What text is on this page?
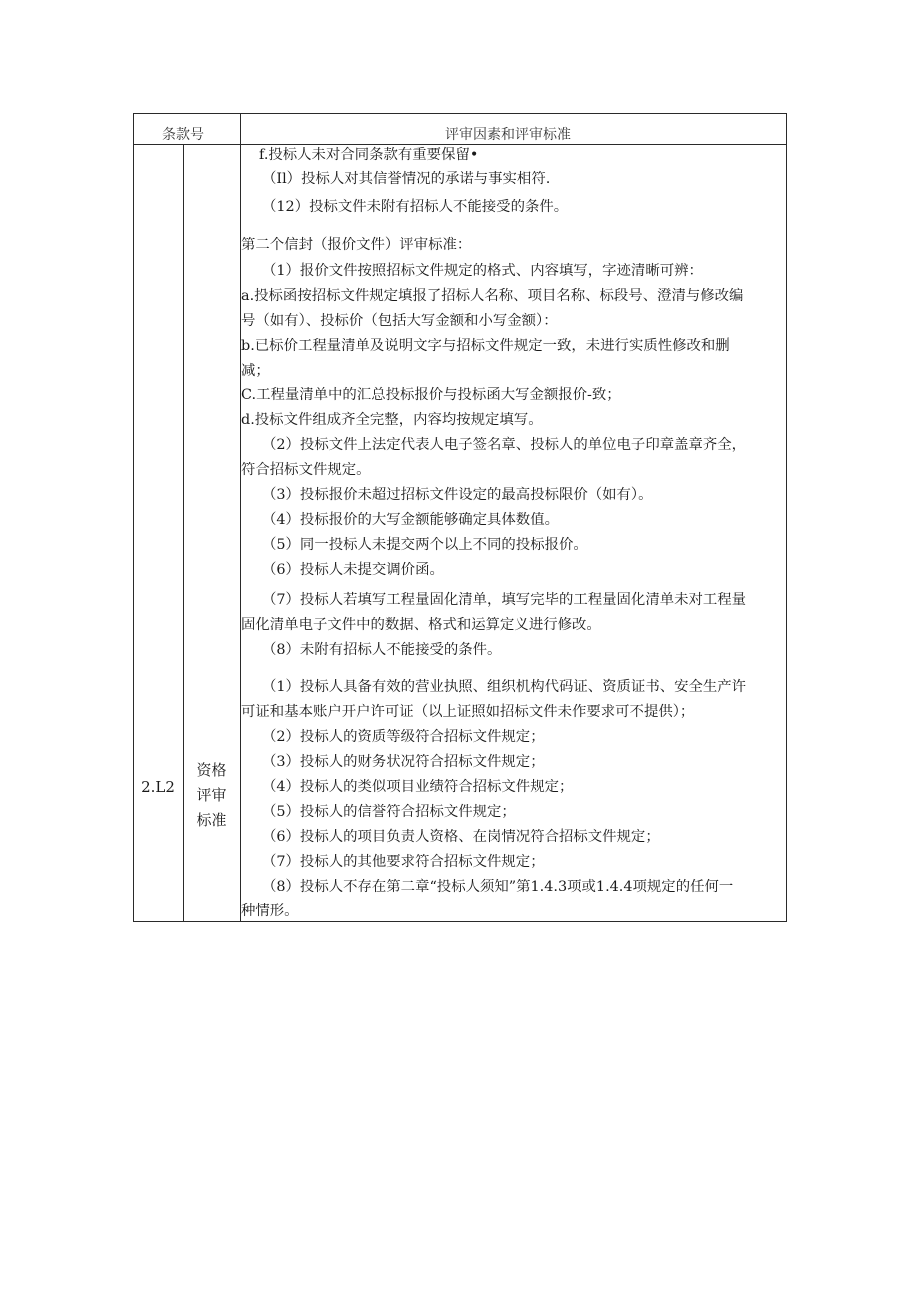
条款号	评审因素和评审标准
2.L2
资格
评审
标准
f.投标人未对合同条款有重要保留•
（Il）投标人对其信誉情况的承诺与事实相符.
（12）投标文件未附有招标人不能接受的条件。
第二个信封（报价文件）评审标准：
（1）报价文件按照招标文件规定的格式、内容填写，字迹清晰可辨：
a.投标函按招标文件规定填报了招标人名称、项目名称、标段号、澄清与修改编
号（如有）、投标价（包括大写金额和小写金额）：
b.已标价工程量清单及说明文字与招标文件规定一致，未进行实质性修改和删
减；
C.工程量清单中的汇总投标报价与投标函大写金额报价-致；
d.投标文件组成齐全完整，内容均按规定填写。
（2）投标文件上法定代表人电子签名章、投标人的单位电子印章盖章齐全，
符合招标文件规定。
（3）投标报价未超过招标文件设定的最高投标限价（如有）。
（4）投标报价的大写金额能够确定具体数值。
（5）同一投标人未提交两个以上不同的投标报价。
（6）投标人未提交调价函。
（7）投标人若填写工程量固化清单，填写完毕的工程量固化清单未对工程量
固化清单电子文件中的数据、格式和运算定义进行修改。
（8）未附有招标人不能接受的条件。
（1）投标人具备有效的营业执照、组织机构代码证、资质证书、安全生产许
可证和基本账户开户许可证（以上证照如招标文件未作要求可不提供）；
（2）投标人的资质等级符合招标文件规定；
（3）投标人的财务状况符合招标文件规定；
（4）投标人的类似项目业绩符合招标文件规定；
（5）投标人的信誉符合招标文件规定；
（6）投标人的项目负责人资格、在岗情况符合招标文件规定；
（7）投标人的其他要求符合招标文件规定；
（8）投标人不存在第二章“投标人须知”第1.4.3项或1.4.4项规定的任何一
种情形。
